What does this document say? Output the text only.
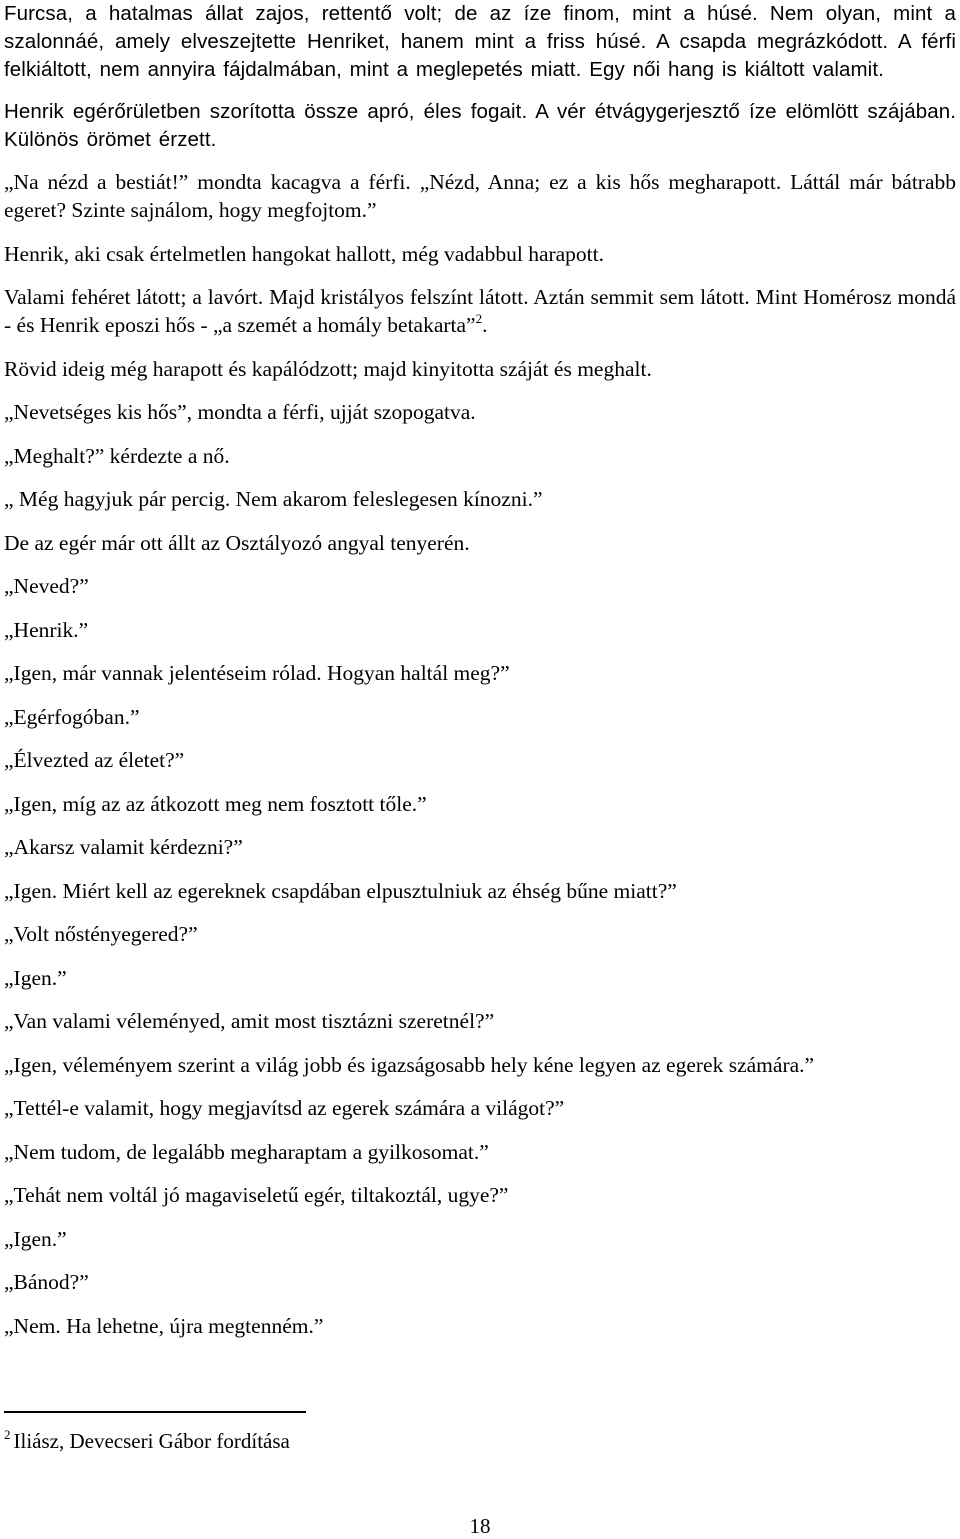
Furcsa, a hatalmas állat zajos, rettentő volt; de az íze finom, mint a húsé. Nem olyan, mint a szalonnáé, amely elveszejtette Henriket, hanem mint a friss húsé. A csapda megrázkódott. A férfi felkiáltott, nem annyira fájdalmában, mint a meglepetés miatt. Egy női hang is kiáltott valamit.

Henrik egérőrületben szorította össze apró, éles fogait. A vér étvágygerjesztő íze elömlött szájában. Különös örömet érzett.

„Na nézd a bestiát!” mondta kacagva a férfi. „Nézd, Anna; ez a kis hős megharapott. Láttál már bátrabb egeret? Szinte sajnálom, hogy megfojtom.”

Henrik, aki csak értelmetlen hangokat hallott, még vadabbul harapott.

Valami fehéret látott; a lavórt. Majd kristályos felszínt látott. Aztán semmit sem látott. Mint Homérosz mondá - és Henrik eposzi hős - „a szemét a homály betakarta”$^2$.

Rövid ideig még harapott és kapálódzott; majd kinyitotta száját és meghalt.

„Nevetséges kis hős”, mondta a férfi, ujját szopogatva.

„Meghalt?” kérdezte a nő.

„ Még hagyjuk pár percig. Nem akarom feleslegesen kínozni.”

De az egér már ott állt az Osztályozó angyal tenyerén.

„Neved?”

„Henrik.”

„Igen, már vannak jelentéseim rólad. Hogyan haltál meg?”

„Egérfogóban.”

„Élvezted az életet?”

„Igen, míg az az átkozott meg nem fosztott tőle.”

„Akarsz valamit kérdezni?”

„Igen. Miért kell az egereknek csapdában elpusztulniuk az éhség bűne miatt?”

„Volt nőstényegered?”

„Igen.”

„Van valami véleményed, amit most tisztázni szeretnél?”

„Igen, véleményem szerint a világ jobb és igazságosabb hely kéne legyen az egerek számára.”

„Tettél-e valamit, hogy megjavítsd az egerek számára a világot?”

„Nem tudom, de legalább megharaptam a gyilkosomat.”

„Tehát nem voltál jó magaviseletű egér, tiltakoztál, ugye?”

„Igen.”

„Bánod?”

„Nem. Ha lehetne, újra megtenném.”

$^2$ Iliász, Devecseri Gábor fordítása
18
